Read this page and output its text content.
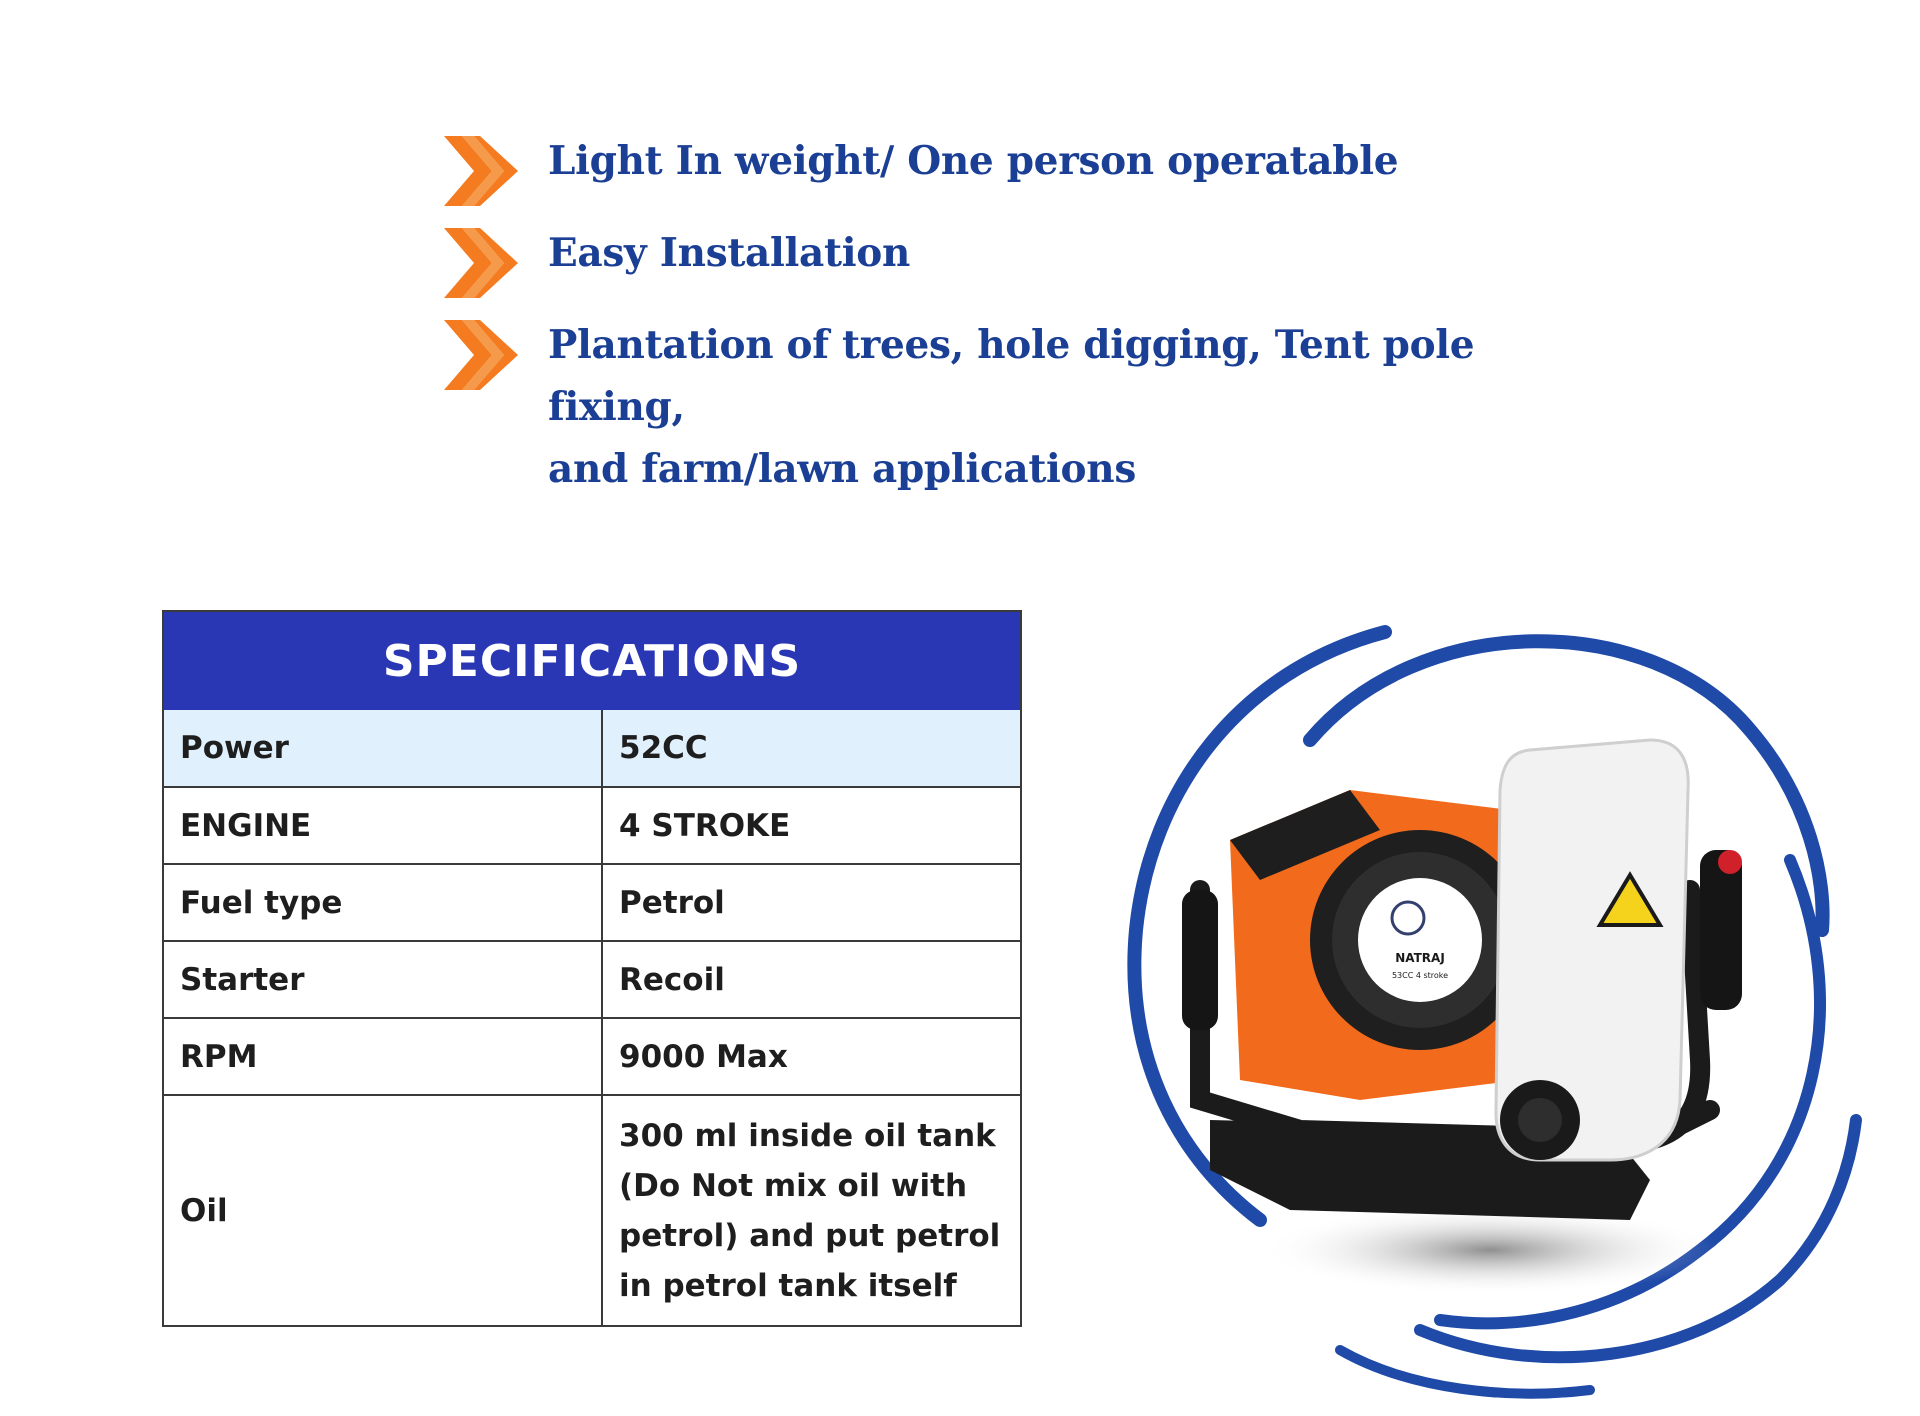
Light In weight/ One person operatable
Easy Installation
Plantation of trees, hole digging, Tent pole fixing,
and farm/lawn applications
SPECIFICATIONS
Power	52CC
ENGINE	4 STROKE
Fuel type	Petrol
Starter	Recoil
RPM	9000 Max
Oil	300 ml inside oil tank
(Do Not mix oil with
petrol) and put petrol
in petrol tank itself
NATRAJ
53CC 4 stroke
